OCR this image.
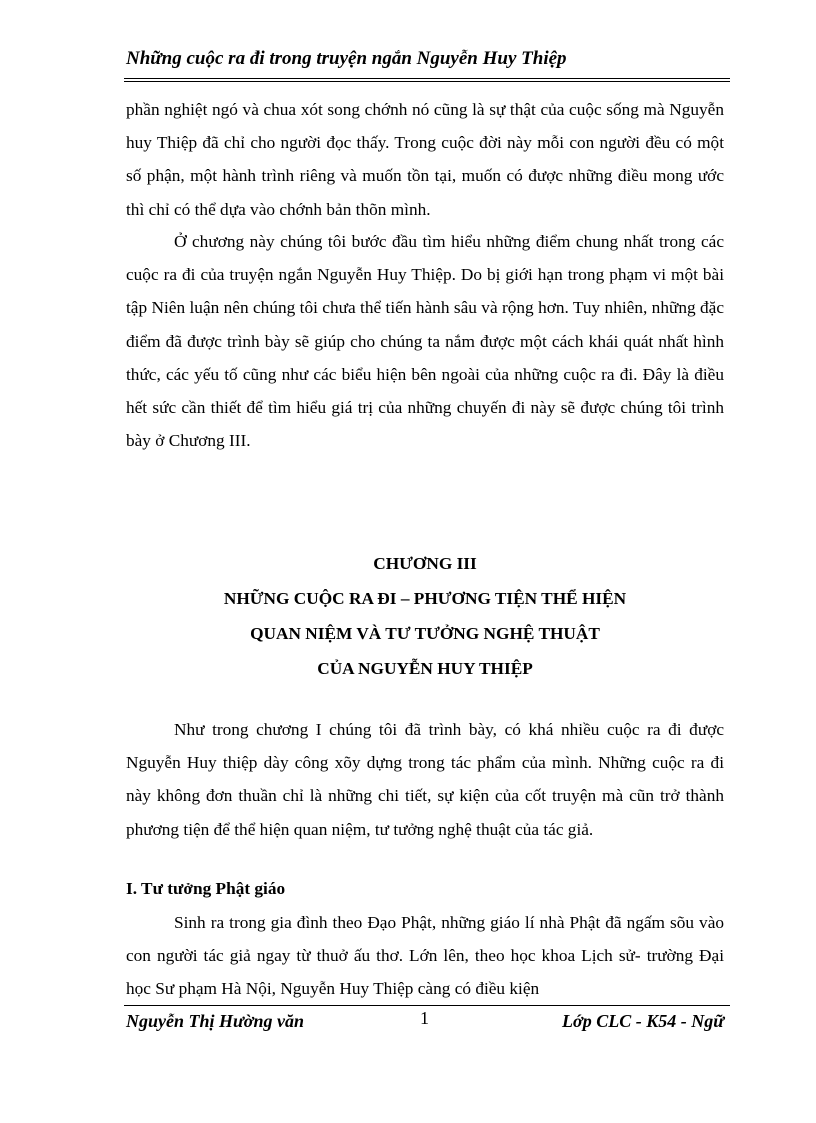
Những cuộc ra đi trong truyện ngắn Nguyễn Huy Thiệp

phần nghiệt ngó và chua xót song chớnh nó cũng là sự thật của cuộc sống mà Nguyễn huy Thiệp đã chỉ cho người đọc thấy. Trong cuộc đời này mỗi con người đều có một số phận, một hành trình riêng và muốn tồn tại, muốn có được những điều mong ước thì chỉ có thể dựa vào chớnh bản thõn mình.

Ở chương này chúng tôi bước đầu tìm hiểu những điểm chung nhất trong các cuộc ra đi của truyện ngắn Nguyễn Huy Thiệp. Do bị giới hạn trong phạm vi một bài tập Niên luận nên chúng tôi chưa thể tiến hành sâu và rộng hơn. Tuy nhiên, những đặc điểm đã được trình bày sẽ giúp cho chúng ta nắm được một cách khái quát nhất hình thức, các yếu tố cũng như các biểu hiện bên ngoài của những cuộc ra đi. Đây là điều hết sức cần thiết để tìm hiểu giá trị của những chuyến đi này sẽ được chúng tôi trình bày ở Chương III.

CHƯƠNG III
NHỮNG CUỘC RA ĐI – PHƯƠNG TIỆN THỂ HIỆN
QUAN NIỆM VÀ TƯ TƯỞNG NGHỆ THUẬT
CỦA NGUYỄN HUY THIỆP

Như trong chương I chúng tôi đã trình bày, có khá nhiều cuộc ra đi được Nguyễn Huy thiệp dày công xõy dựng trong tác phẩm của mình. Những cuộc ra đi này không đơn thuần chỉ là những chi tiết, sự kiện của cốt truyện mà cũn trở thành phương tiện để thể hiện quan niệm, tư tưởng nghệ thuật của tác giả.

I. Tư tưởng Phật giáo

Sinh ra trong gia đình theo Đạo Phật, những giáo lí nhà Phật đã ngấm sõu vào con người tác giả ngay từ thuở ấu thơ. Lớn lên, theo học khoa Lịch sử- trường Đại học Sư phạm Hà Nội, Nguyễn Huy Thiệp càng có điều kiện

Nguyễn Thị Hường văn	1	Lớp CLC - K54 - Ngữ
